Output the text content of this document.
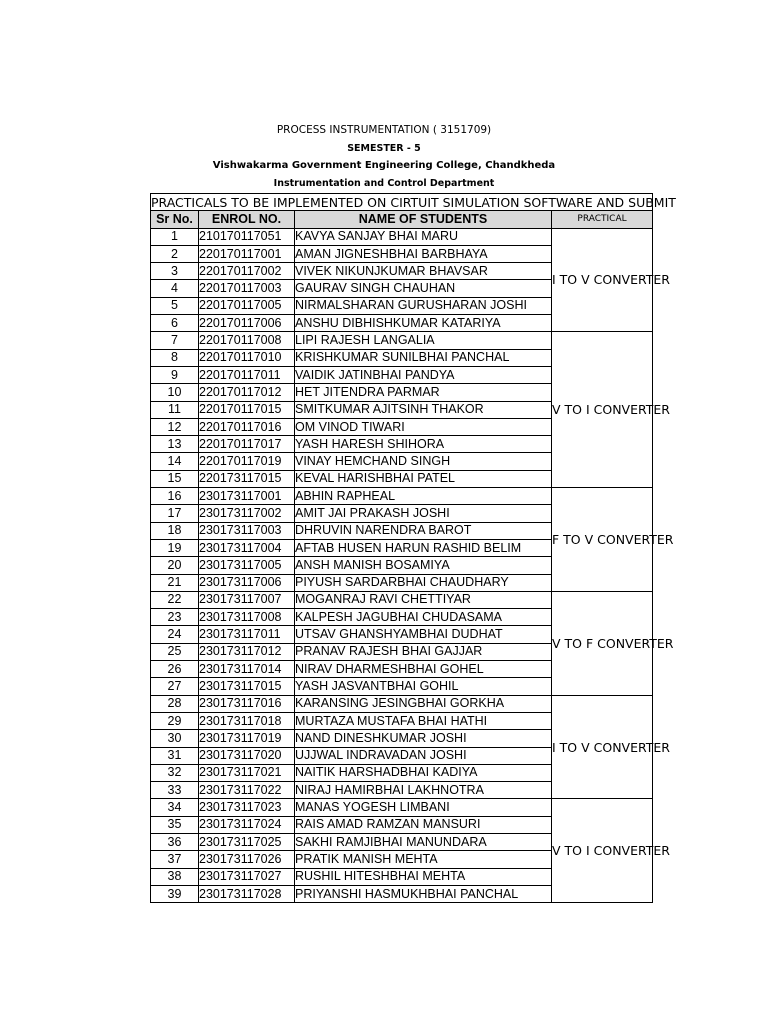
PROCESS INSTRUMENTATION ( 3151709)
SEMESTER - 5
Vishwakarma Government Engineering College, Chandkheda
Instrumentation and Control Department
PRACTICALS TO BE IMPLEMENTED ON CIRTUIT SIMULATION SOFTWARE AND SUBMIT			
Sr No.	ENROL NO.	NAME OF STUDENTS	PRACTICAL
1	210170117051	KAVYA SANJAY BHAI MARU	I TO V CONVERTER
2	220170117001	AMAN JIGNESHBHAI BARBHAYA	
3	220170117002	VIVEK NIKUNJKUMAR BHAVSAR	
4	220170117003	GAURAV SINGH CHAUHAN	
5	220170117005	NIRMALSHARAN GURUSHARAN JOSHI	
6	220170117006	ANSHU DIBHISHKUMAR KATARIYA	
7	220170117008	LIPI RAJESH LANGALIA	V TO I CONVERTER
8	220170117010	KRISHKUMAR SUNILBHAI PANCHAL	
9	220170117011	VAIDIK JATINBHAI PANDYA	
10	220170117012	HET JITENDRA PARMAR	
11	220170117015	SMITKUMAR AJITSINH THAKOR	
12	220170117016	OM VINOD TIWARI	
13	220170117017	YASH HARESH SHIHORA	
14	220170117019	VINAY HEMCHAND SINGH	
15	220173117015	KEVAL HARISHBHAI PATEL	
16	230173117001	ABHIN RAPHEAL	F TO V CONVERTER
17	230173117002	AMIT JAI PRAKASH JOSHI	
18	230173117003	DHRUVIN NARENDRA BAROT	
19	230173117004	AFTAB HUSEN HARUN RASHID BELIM	
20	230173117005	ANSH MANISH BOSAMIYA	
21	230173117006	PIYUSH SARDARBHAI CHAUDHARY	
22	230173117007	MOGANRAJ RAVI CHETTIYAR	V TO F CONVERTER
23	230173117008	KALPESH JAGUBHAI CHUDASAMA	
24	230173117011	UTSAV GHANSHYAMBHAI DUDHAT	
25	230173117012	PRANAV RAJESH BHAI GAJJAR	
26	230173117014	NIRAV DHARMESHBHAI GOHEL	
27	230173117015	YASH JASVANTBHAI GOHIL	
28	230173117016	KARANSING JESINGBHAI GORKHA	I TO V CONVERTER
29	230173117018	MURTAZA MUSTAFA BHAI HATHI	
30	230173117019	NAND DINESHKUMAR JOSHI	
31	230173117020	UJJWAL INDRAVADAN JOSHI	
32	230173117021	NAITIK HARSHADBHAI KADIYA	
33	230173117022	NIRAJ HAMIRBHAI LAKHNOTRA	
34	230173117023	MANAS YOGESH LIMBANI	V TO I CONVERTER
35	230173117024	RAIS AMAD RAMZAN MANSURI	
36	230173117025	SAKHI RAMJIBHAI MANUNDARA	
37	230173117026	PRATIK MANISH MEHTA	
38	230173117027	RUSHIL HITESHBHAI MEHTA	
39	230173117028	PRIYANSHI HASMUKHBHAI PANCHAL	
